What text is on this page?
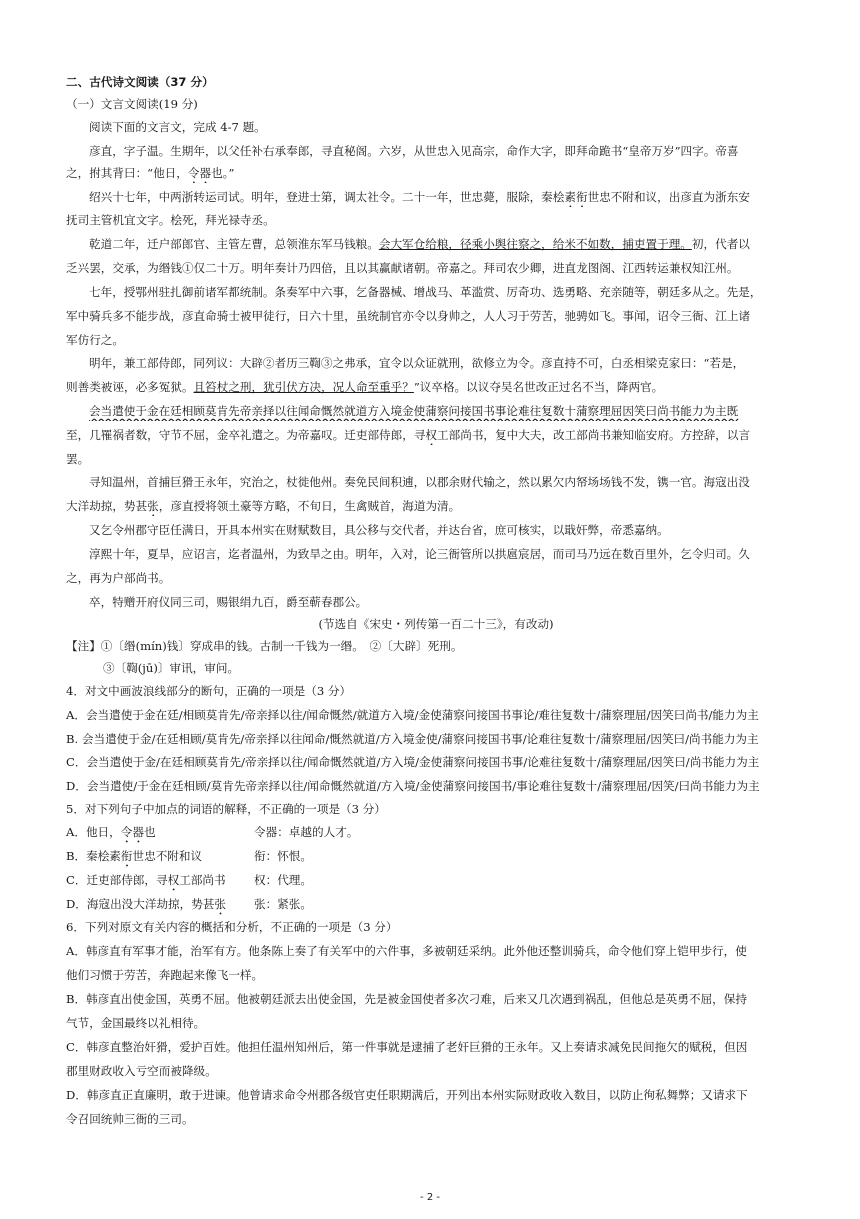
二、古代诗文阅读（37 分）
（一）文言文阅读(19 分)
阅读下面的文言文，完成 4-7 题。
彦直，字子温。生期年，以父任补右承奉郎，寻直秘阁。六岁，从世忠入见高宗，命作大字，即拜命跪书“皇帝万岁”四字。帝喜
之，拊其背曰：“他日，令器也。”
绍兴十七年，中两浙转运司试。明年，登进士第，调太社令。二十一年，世忠薨，服除，秦桧素衔世忠不附和议，出彦直为浙东安
抚司主管机宜文字。桧死，拜光禄寺丞。
乾道二年，迁户部郎官、主管左曹，总领淮东军马钱粮。会大军仓给粮，径乘小舆往察之，给米不如数，捕吏置于理。初，代者以
乏兴罢，交承，为缗钱①仅二十万。明年奏计乃四倍，且以其赢献诸朝。帝嘉之。拜司农少卿，进直龙图阁、江西转运兼权知江州。
七年，授鄂州驻扎御前诸军都统制。条奏军中六事，乞备器械、增战马、革滥赏、厉奇功、选勇略、充亲随等，朝廷多从之。先是，
军中骑兵多不能步战，彦直命骑士被甲徒行，日六十里，虽统制官亦令以身帅之，人人习于劳苦，驰骋如飞。事闻，诏令三衙、江上诸
军仿行之。
明年，兼工部侍郎，同列议：大辟②者历三鞫③之弗承，宜令以众证就刑，欲修立为令。彦直持不可，白丞相梁克家曰：“若是，
则善类被诬，必多冤狱。且笞杖之刑，犹引伏方决，况人命至重乎？”议卒格。以议夺吴名世改正过名不当，降两官。
会当遣使于金在廷相顾莫肯先帝亲择以往闻命慨然就道方入境金使蒲察问接国书事论难往复数十蒲察理屈因笑曰尚书能力为主既
至，几罹祸者数，守节不屈，金卒礼遣之。为帝嘉叹。迁吏部侍郎，寻权工部尚书，复中大夫，改工部尚书兼知临安府。方控辞，以言
罢。
寻知温州，首捕巨猾王永年，究治之，杖徙他州。奏免民间积逋，以郡余财代输之，然以累欠内帑场场钱不发，镌一官。海寇出没
大洋劫掠，势甚张，彦直授将领土豪等方略，不旬日，生禽贼首，海道为清。
又乞令州郡守臣任满日，开具本州实在财赋数目，具公移与交代者，并达台省，庶可核实，以戢奸弊，帝悉嘉纳。
淳熙十年，夏旱，应诏言，迄者温州，为致旱之由。明年，入对，论三衙管所以拱扈宸居，而司马乃远在数百里外，乞令归司。久
之，再为户部尚书。
卒，特赠开府仪同三司，赐银绢九百，爵至蕲春郡公。
(节选自《宋史・列传第一百二十三》，有改动)
【注】①〔缗(mín)钱〕穿成串的钱。古制一千钱为一缗。　②〔大辟〕死刑。
③〔鞫(jū)〕审讯，审问。
4．对文中画波浪线部分的断句，正确的一项是（3 分）
A．会当遣使于金在廷/相顾莫肯先/帝亲择以往/闻命慨然/就道方入境/金使蒲察问接国书事论/难往复数十/蒲察理屈/因笑曰尚书/能力为主
B. 会当遣使于金/在廷相顾/莫肯先/帝亲择以往闻命/慨然就道/方入境金使/蒲察问接国书事/论难往复数十/蒲察理屈/因笑曰/尚书能力为主
C．会当遣使于金/在廷相顾莫肯先/帝亲择以往/闻命慨然就道/方入境/金使蒲察问接国书事/论难往复数十/蒲察理屈/因笑曰/尚书能力为主
D．会当遣使/于金在廷相顾/莫肯先帝亲择以往/闻命慨然就道/方入境/金使蒲察问接国书/事论难往复数十/蒲察理屈/因笑/曰尚书能力为主
5．对下列句子中加点的词语的解释，不正确的一项是（3 分）
A．他日，令器也	令器：卓越的人才。
B．秦桧素衔世忠不附和议	衔：怀恨。
C．迁吏部侍郎，寻权工部尚书 权：代理。
D．海寇出没大洋劫掠，势甚张 张：紧张。
6．下列对原文有关内容的概括和分析，不正确的一项是（3 分）
A．韩彦直有军事才能，治军有方。他条陈上奏了有关军中的六件事，多被朝廷采纳。此外他还整训骑兵，命令他们穿上铠甲步行，使
他们习惯于劳苦，奔跑起来像飞一样。
B．韩彦直出使金国，英勇不屈。他被朝廷派去出使金国，先是被金国使者多次刁难，后来又几次遇到祸乱，但他总是英勇不屈，保持
气节，金国最终以礼相待。
C．韩彦直整治奸猾，爱护百姓。他担任温州知州后，第一件事就是逮捕了老奸巨猾的王永年。又上奏请求减免民间拖欠的赋税，但因
郡里财政收入亏空而被降级。
D．韩彦直正直廉明，敢于进谏。他曾请求命令州郡各级官吏任职期满后，开列出本州实际财政收入数目，以防止徇私舞弊；又请求下
令召回统帅三衙的三司。
- 2 -
